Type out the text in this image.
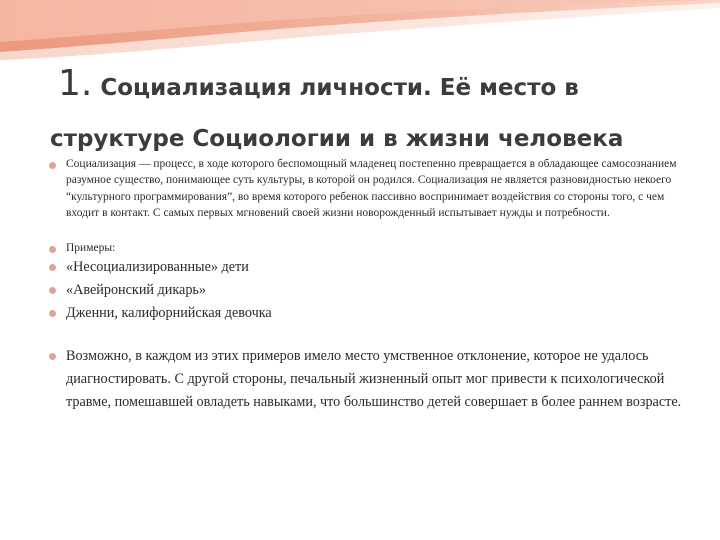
1. Социализация личности. Её место в
структуре Социологии и в жизни человека
Социализация — процесс, в ходе которого беспомощный младенец постепенно превращается в обладающее самосознанием разумное существо, понимающее суть культуры, в которой он родился. Социализация не является разновидностью некоего “культурного программирования”, во время которого ребенок пассивно воспринимает воздействия со стороны того, с чем входит в контакт. С самых первых мгновений своей жизни новорожденный испытывает нужды и потребности.
Примеры:
«Несоциализированные» дети
«Авейронский дикарь»
Дженни, калифорнийская девочка
Возможно, в каждом из этих примеров имело место умственное отклонение, которое не удалось диагностировать. С другой стороны, печальный жизненный опыт мог привести к психологической травме, помешавшей овладеть навыками, что большинство детей совершает в более раннем возрасте.
